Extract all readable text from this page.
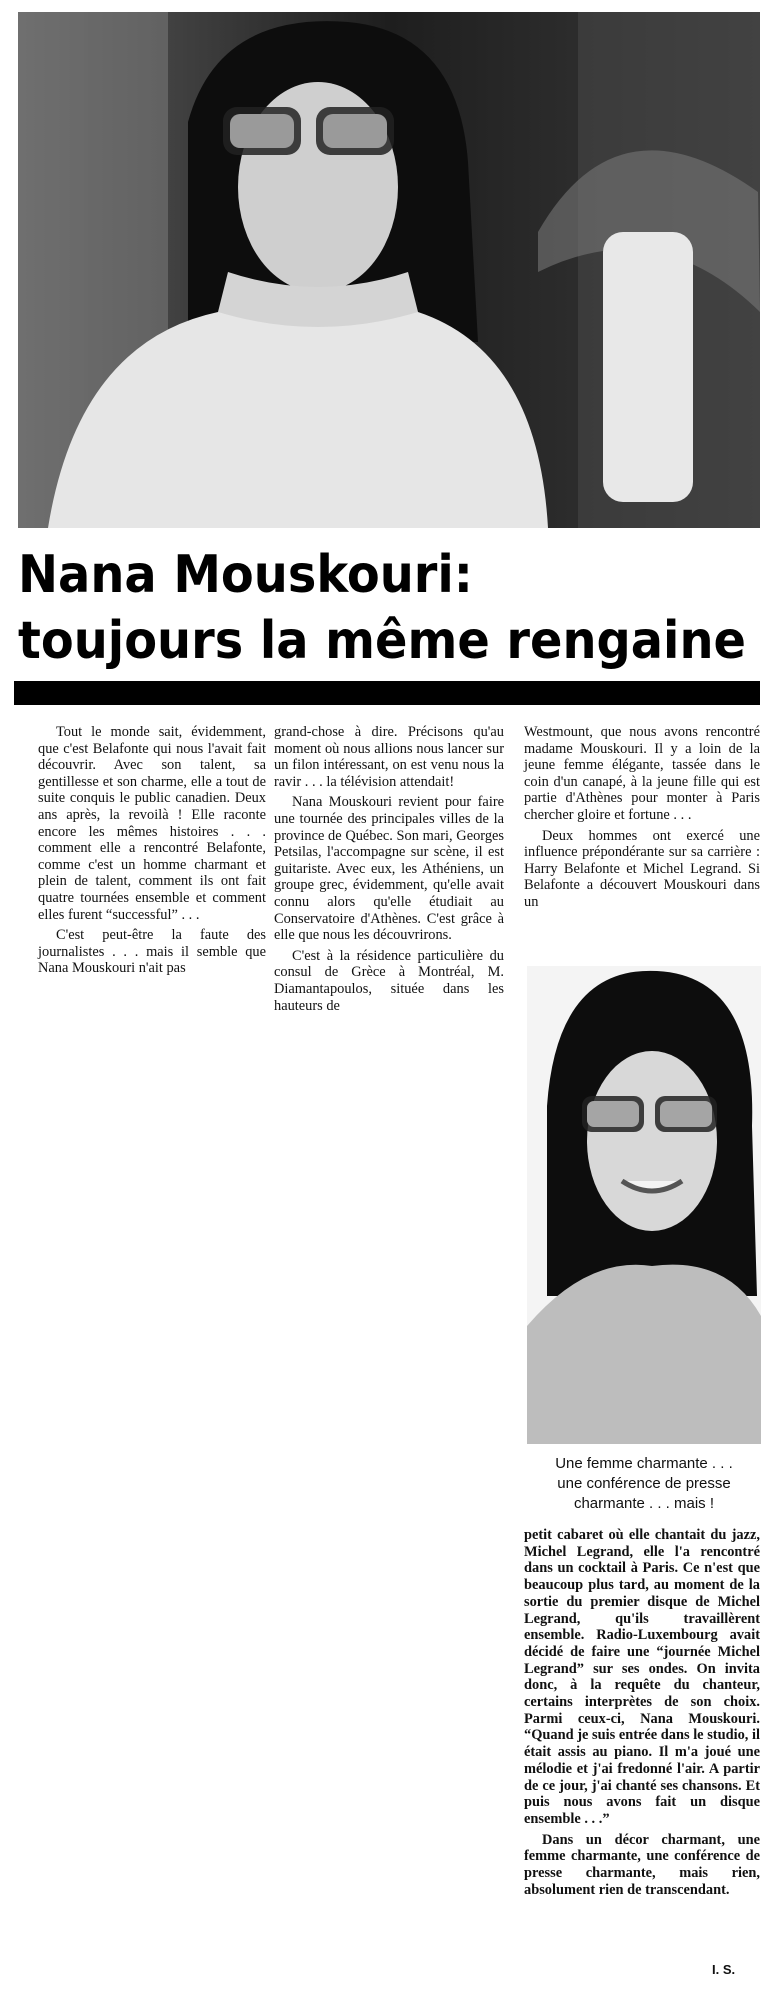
Nana Mouskouri:
toujours la même rengaine

Tout le monde sait, évidemment, que c'est Belafonte qui nous l'avait fait découvrir. Avec son talent, sa gentillesse et son charme, elle a tout de suite conquis le public canadien. Deux ans après, la revoilà ! Elle raconte encore les mêmes histoires . . . comment elle a rencontré Belafonte, comme c'est un homme charmant et plein de talent, comment ils ont fait quatre tournées ensemble et comment elles furent “successful” . . .

C'est peut-être la faute des journalistes . . . mais il semble que Nana Mouskouri n'ait pas

grand-chose à dire. Précisons qu'au moment où nous allions nous lancer sur un filon intéressant, on est venu nous la ravir . . . la télévision attendait!

Nana Mouskouri revient pour faire une tournée des principales villes de la province de Québec. Son mari, Georges Petsilas, l'accompagne sur scène, il est guitariste. Avec eux, les Athéniens, un groupe grec, évidemment, qu'elle avait connu alors qu'elle étudiait au Conservatoire d'Athènes. C'est grâce à elle que nous les découvrirons.

C'est à la résidence particulière du consul de Grèce à Montréal, M. Diamantapoulos, située dans les hauteurs de

Westmount, que nous avons rencontré madame Mouskouri. Il y a loin de la jeune femme élégante, tassée dans le coin d'un canapé, à la jeune fille qui est partie d'Athènes pour monter à Paris chercher gloire et fortune . . .

Deux hommes ont exercé une influence prépondérante sur sa carrière : Harry Belafonte et Michel Legrand. Si Belafonte a découvert Mouskouri dans un

Une femme charmante . . .
une conférence de presse
charmante . . . mais !

petit cabaret où elle chantait du jazz, Michel Legrand, elle l'a rencontré dans un cocktail à Paris. Ce n'est que beaucoup plus tard, au moment de la sortie du premier disque de Michel Legrand, qu'ils travaillèrent ensemble. Radio-Luxembourg avait décidé de faire une “journée Michel Legrand” sur ses ondes. On invita donc, à la requête du chanteur, certains interprètes de son choix. Parmi ceux-ci, Nana Mouskouri. “Quand je suis entrée dans le studio, il était assis au piano. Il m'a joué une mélodie et j'ai fredonné l'air. A partir de ce jour, j'ai chanté ses chansons. Et puis nous avons fait un disque ensemble . . .”

Dans un décor charmant, une femme charmante, une conférence de presse charmante, mais rien, absolument rien de transcendant.

I. S.
